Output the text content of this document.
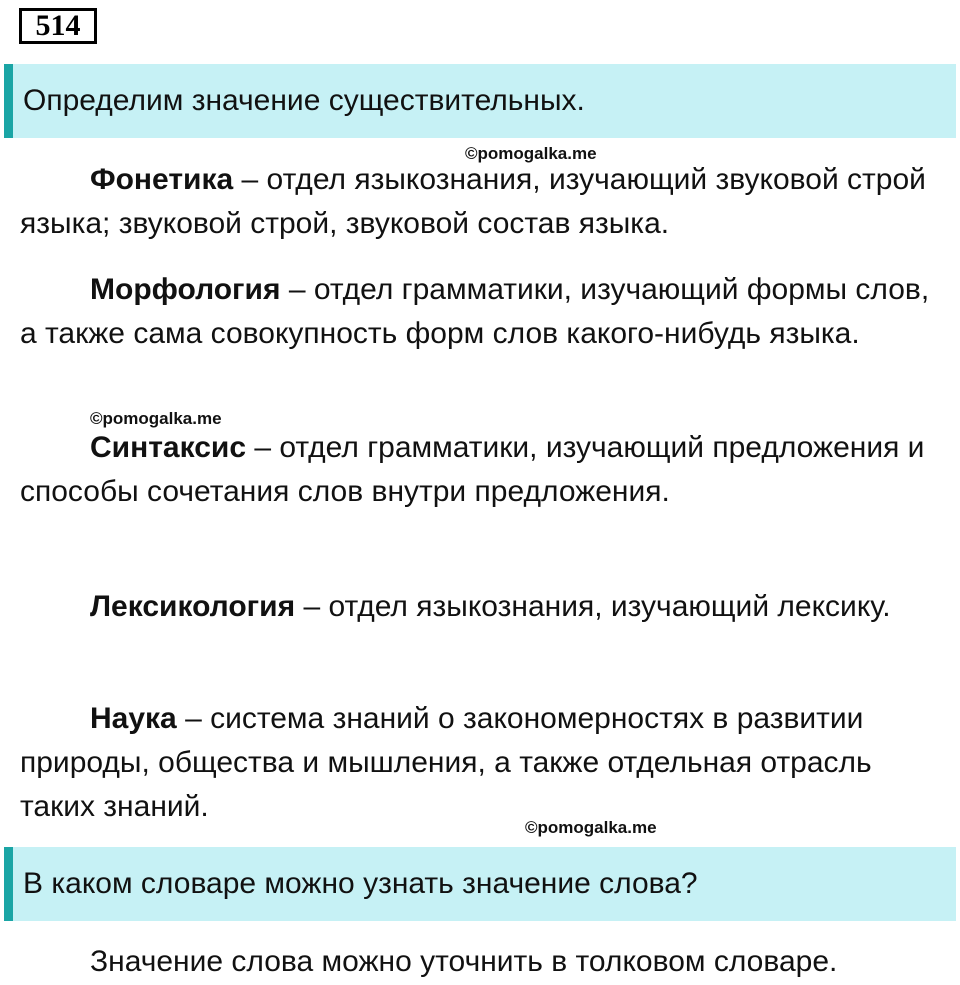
514
Определим значение существительных.
©pomogalka.me

Фонетика – отдел языкознания, изучающий звуковой строй языка; звуковой строй, звуковой состав языка.

Морфология – отдел грамматики, изучающий формы слов, а также сама совокупность форм слов какого-нибудь языка.

©pomogalka.me

Синтаксис – отдел грамматики, изучающий предложения и способы сочетания слов внутри предложения.

Лексикология – отдел языкознания, изучающий лексику.

Наука – система знаний о закономерностях в развитии природы, общества и мышления, а также отдельная отрасль таких знаний.

©pomogalka.me
В каком словаре можно узнать значение слова?

Значение слова можно уточнить в толковом словаре.
